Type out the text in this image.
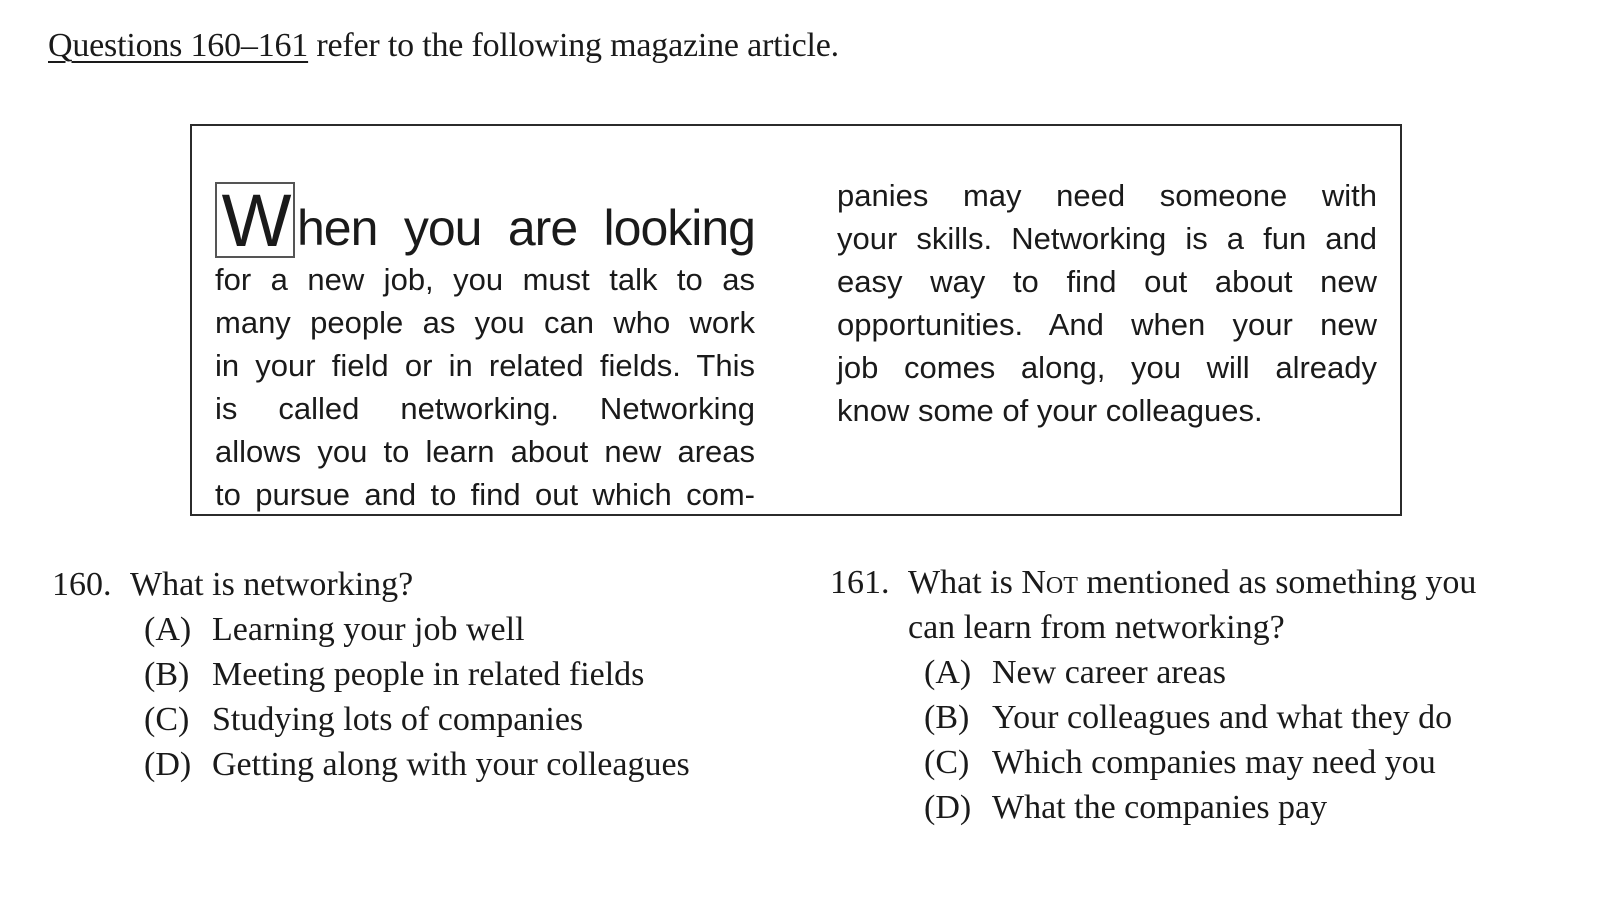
Questions 160–161 refer to the following magazine article.
W hen you are looking
for a new job, you must talk to as
many people as you can who work
in your field or in related fields. This
is called networking. Networking
allows you to learn about new areas
to pursue and to find out which com-
panies may need someone with
your skills. Networking is a fun and
easy way to find out about new
opportunities. And when your new
job comes along, you will already
know some of your colleagues.
160. What is networking?
(A) Learning your job well
(B) Meeting people in related fields
(C) Studying lots of companies
(D) Getting along with your colleagues
161. What is Not mentioned as something you
can learn from networking?
(A) New career areas
(B) Your colleagues and what they do
(C) Which companies may need you
(D) What the companies pay
